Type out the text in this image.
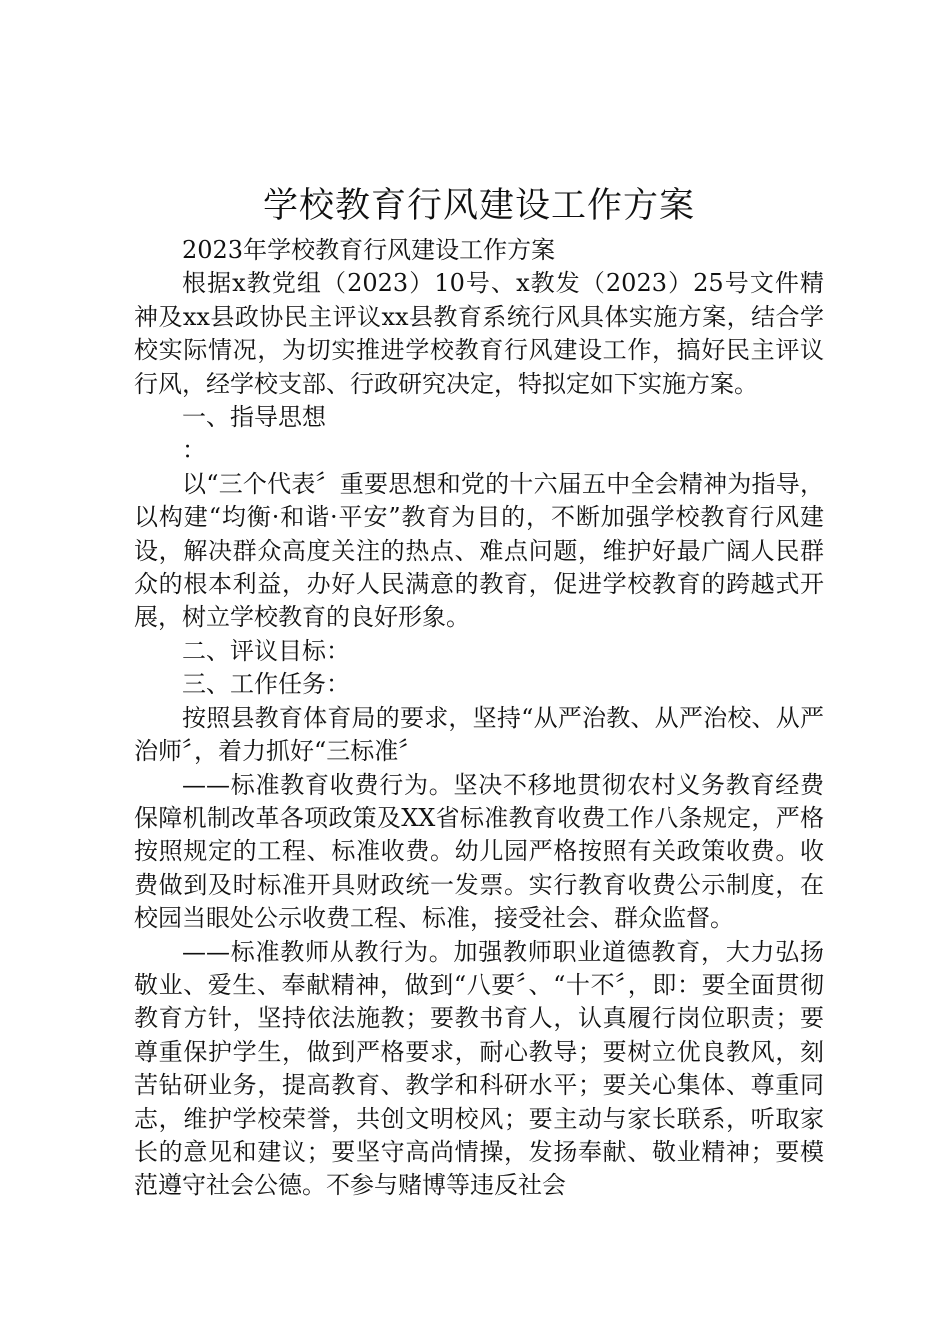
学校教育行风建设工作方案

2023年学校教育行风建设工作方案

根据x教党组（2023）10号、x教发（2023）25号文件精神及xx县政协民主评议xx县教育系统行风具体实施方案，结合学校实际情况，为切实推进学校教育行风建设工作，搞好民主评议行风，经学校支部、行政研究决定，特拟定如下实施方案。

一、指导思想

：

以“三个代表〞重要思想和党的十六届五中全会精神为指导，以构建“均衡·和谐·平安”教育为目的，不断加强学校教育行风建设，解决群众高度关注的热点、难点问题，维护好最广阔人民群众的根本利益，办好人民满意的教育，促进学校教育的跨越式开展，树立学校教育的良好形象。

二、评议目标：

三、工作任务：

按照县教育体育局的要求，坚持“从严治教、从严治校、从严治师〞，着力抓好“三标准〞

——标准教育收费行为。坚决不移地贯彻农村义务教育经费保障机制改革各项政策及XX省标准教育收费工作八条规定，严格按照规定的工程、标准收费。幼儿园严格按照有关政策收费。收费做到及时标准开具财政统一发票。实行教育收费公示制度，在校园当眼处公示收费工程、标准，接受社会、群众监督。

——标准教师从教行为。加强教师职业道德教育，大力弘扬敬业、爱生、奉献精神，做到“八要〞、“十不〞，即：要全面贯彻教育方针，坚持依法施教；要教书育人，认真履行岗位职责；要尊重保护学生，做到严格要求，耐心教导；要树立优良教风，刻苦钻研业务，提高教育、教学和科研水平；要关心集体、尊重同志，维护学校荣誉，共创文明校风；要主动与家长联系，听取家长的意见和建议；要坚守高尚情操，发扬奉献、敬业精神；要模范遵守社会公德。不参与赌博等违反社会
